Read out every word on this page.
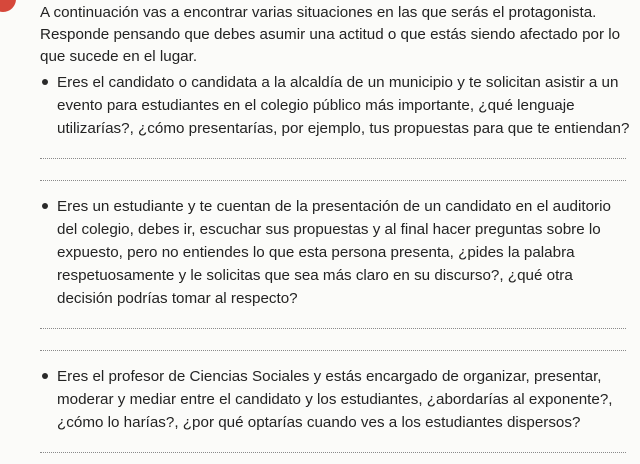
A continuación vas a encontrar varias situaciones en las que serás el protagonista. Responde pensando que debes asumir una actitud o que estás siendo afectado por lo que sucede en el lugar.

Eres el candidato o candidata a la alcaldía de un municipio y te solicitan asistir a un evento para estudiantes en el colegio público más importante, ¿qué lenguaje utilizarías?, ¿cómo presentarías, por ejemplo, tus propuestas para que te entiendan?

Eres un estudiante y te cuentan de la presentación de un candidato en el auditorio del colegio, debes ir, escuchar sus propuestas y al final hacer preguntas sobre lo expuesto, pero no entiendes lo que esta persona presenta, ¿pides la palabra respetuosamente y le solicitas que sea más claro en su discurso?, ¿qué otra decisión podrías tomar al respecto?

Eres el profesor de Ciencias Sociales y estás encargado de organizar, presentar, moderar y mediar entre el candidato y los estudiantes, ¿abordarías al exponente?, ¿cómo lo harías?, ¿por qué optarías cuando ves a los estudiantes dispersos?
